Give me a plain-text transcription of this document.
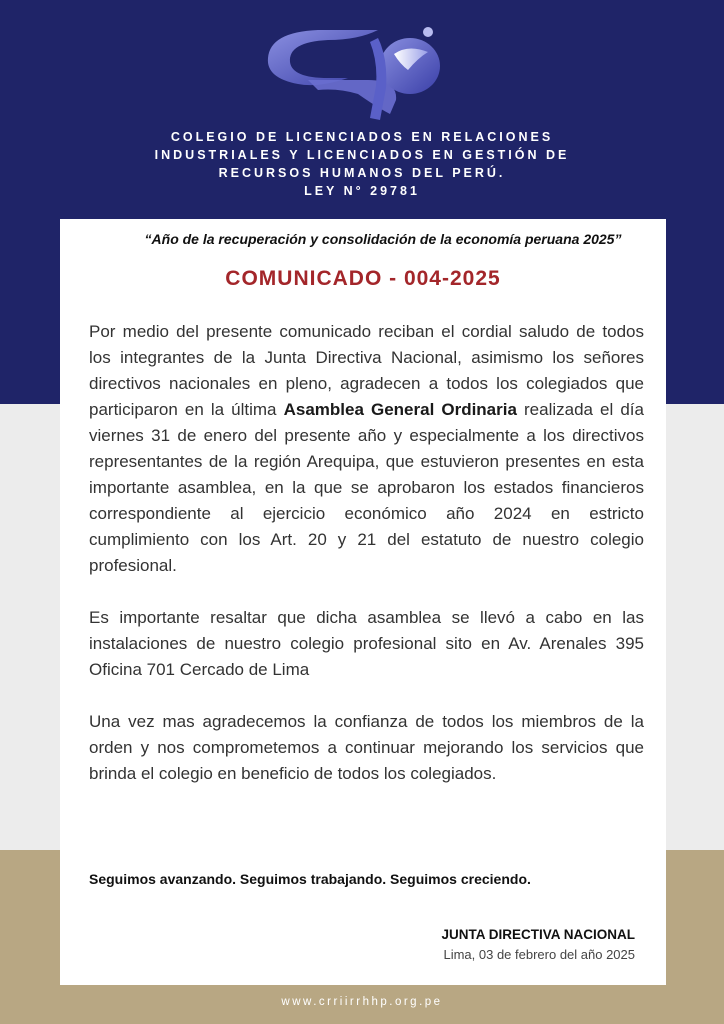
COLEGIO DE LICENCIADOS EN RELACIONES
INDUSTRIALES Y LICENCIADOS EN GESTIÓN DE
RECURSOS HUMANOS DEL PERÚ.
LEY N° 29781
“Año de la recuperación y consolidación de la economía peruana 2025”
COMUNICADO - 004-2025

Por medio del presente comunicado reciban el cordial saludo de todos los integrantes de la Junta Directiva Nacional, asimismo los señores directivos nacionales en pleno, agradecen a todos los colegiados que participaron en la última Asamblea General Ordinaria realizada el día viernes 31 de enero del presente año y especialmente a los directivos representantes de la región Arequipa, que estuvieron presentes en esta importante asamblea, en la que se aprobaron los estados financieros correspondiente al ejercicio económico año 2024 en estricto cumplimiento con los Art. 20 y 21 del estatuto de nuestro colegio profesional.

Es importante resaltar que dicha asamblea se llevó a cabo en las instalaciones de nuestro colegio profesional sito en Av. Arenales 395 Oficina 701 Cercado de Lima

Una vez mas agradecemos la confianza de todos los miembros de la orden y nos comprometemos a continuar mejorando los servicios que brinda el colegio en beneficio de todos los colegiados.

Seguimos avanzando. Seguimos trabajando. Seguimos creciendo.
JUNTA DIRECTIVA NACIONAL
Lima, 03 de febrero del año 2025
www.crriirrhhp.org.pe
